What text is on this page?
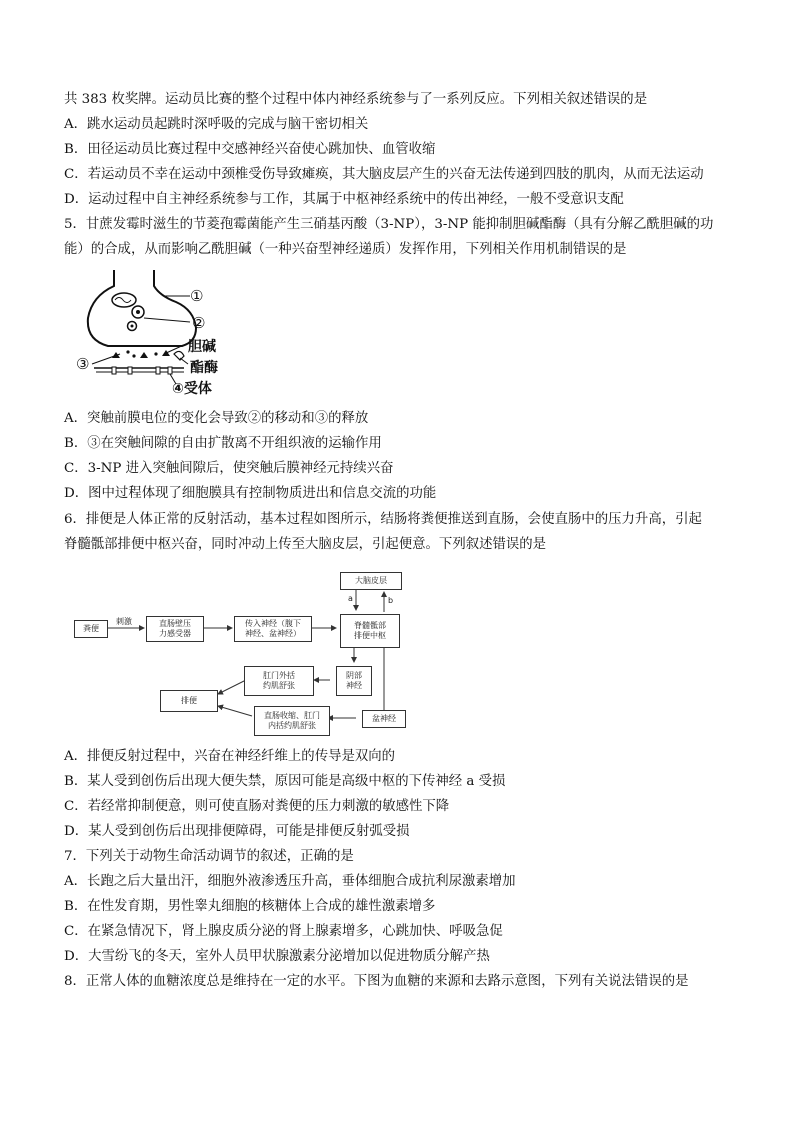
共 383 枚奖牌。运动员比赛的整个过程中体内神经系统参与了一系列反应。下列相关叙述错误的是
A．跳水运动员起跳时深呼吸的完成与脑干密切相关
B．田径运动员比赛过程中交感神经兴奋使心跳加快、血管收缩
C．若运动员不幸在运动中颈椎受伤导致瘫痪，其大脑皮层产生的兴奋无法传递到四肢的肌肉，从而无法运动
D．运动过程中自主神经系统参与工作，其属于中枢神经系统中的传出神经，一般不受意识支配
5．甘蔗发霉时滋生的节菱孢霉菌能产生三硝基丙酸（3-NP），3-NP 能抑制胆碱酯酶（具有分解乙酰胆碱的功
能）的合成，从而影响乙酰胆碱（一种兴奋型神经递质）发挥作用，下列相关作用机制错误的是
①
②
③
胆碱
酯酶
④受体
A．突触前膜电位的变化会导致②的移动和③的释放
B．③在突触间隙的自由扩散离不开组织液的运输作用
C．3-NP 进入突触间隙后，使突触后膜神经元持续兴奋
D．图中过程体现了细胞膜具有控制物质进出和信息交流的功能
6．排便是人体正常的反射活动，基本过程如图所示，结肠将粪便推送到直肠，会使直肠中的压力升高，引起
脊髓骶部排便中枢兴奋，同时冲动上传至大脑皮层，引起便意。下列叙述错误的是
粪便
刺激	直肠壁压
力感受器
传入神经（腹下
神经、盆神经）
大脑皮层
a	b
脊髓骶部
排便中枢
阴部
神经
肛门外括
约肌舒张
排便
直肠收缩、肛门
内括约肌舒张
盆神经
A．排便反射过程中，兴奋在神经纤维上的传导是双向的
B．某人受到创伤后出现大便失禁，原因可能是高级中枢的下传神经 a 受损
C．若经常抑制便意，则可使直肠对粪便的压力刺激的敏感性下降
D．某人受到创伤后出现排便障碍，可能是排便反射弧受损
7．下列关于动物生命活动调节的叙述，正确的是
A．长跑之后大量出汗，细胞外液渗透压升高，垂体细胞合成抗利尿激素增加
B．在性发育期，男性睾丸细胞的核糖体上合成的雄性激素增多
C．在紧急情况下，肾上腺皮质分泌的肾上腺素增多，心跳加快、呼吸急促
D．大雪纷飞的冬天，室外人员甲状腺激素分泌增加以促进物质分解产热
8．正常人体的血糖浓度总是维持在一定的水平。下图为血糖的来源和去路示意图，下列有关说法错误的是
